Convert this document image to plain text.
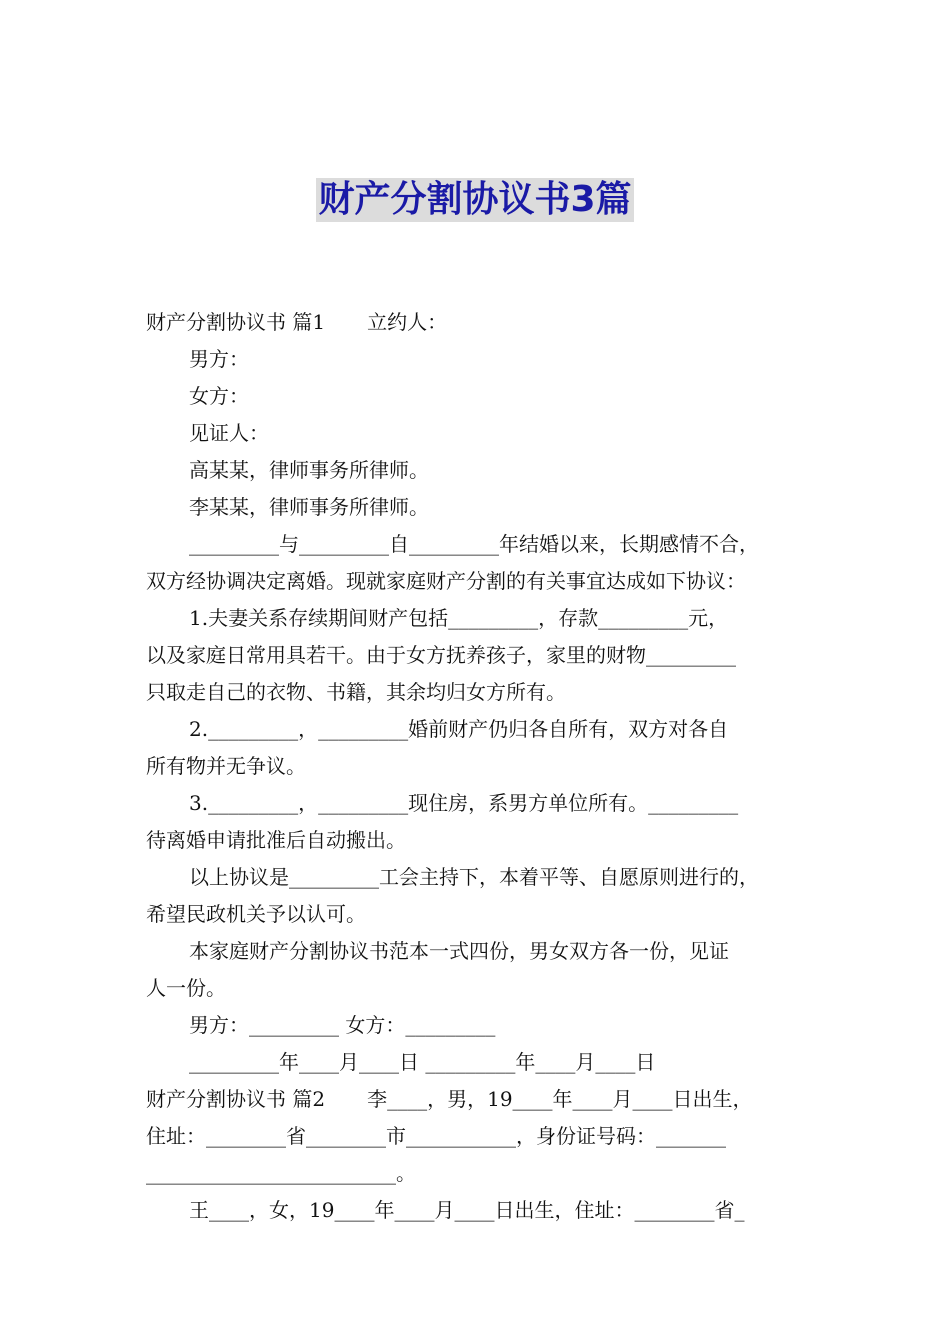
财产分割协议书3篇

财产分割协议书 篇1 立约人：

男方：

女方：

见证人：

高某某，律师事务所律师。

李某某，律师事务所律师。

_________与_________自_________年结婚以来，长期感情不合，

双方经协调决定离婚。现就家庭财产分割的有关事宜达成如下协议：

1.夫妻关系存续期间财产包括_________，存款_________元，

以及家庭日常用具若干。由于女方抚养孩子，家里的财物_________

只取走自己的衣物、书籍，其余均归女方所有。

2._________，_________婚前财产仍归各自所有，双方对各自

所有物并无争议。

3._________，_________现住房，系男方单位所有。_________

待离婚申请批准后自动搬出。

以上协议是_________工会主持下，本着平等、自愿原则进行的，

希望民政机关予以认可。

本家庭财产分割协议书范本一式四份，男女双方各一份，见证

人一份。

男方：_________ 女方：_________

_________年____月____日 _________年____月____日

财产分割协议书 篇2 李____，男，19____年____月____日出生，

住址：________省________市___________，身份证号码：_______

_________________________。

王____，女，19____年____月____日出生，住址：________省_
